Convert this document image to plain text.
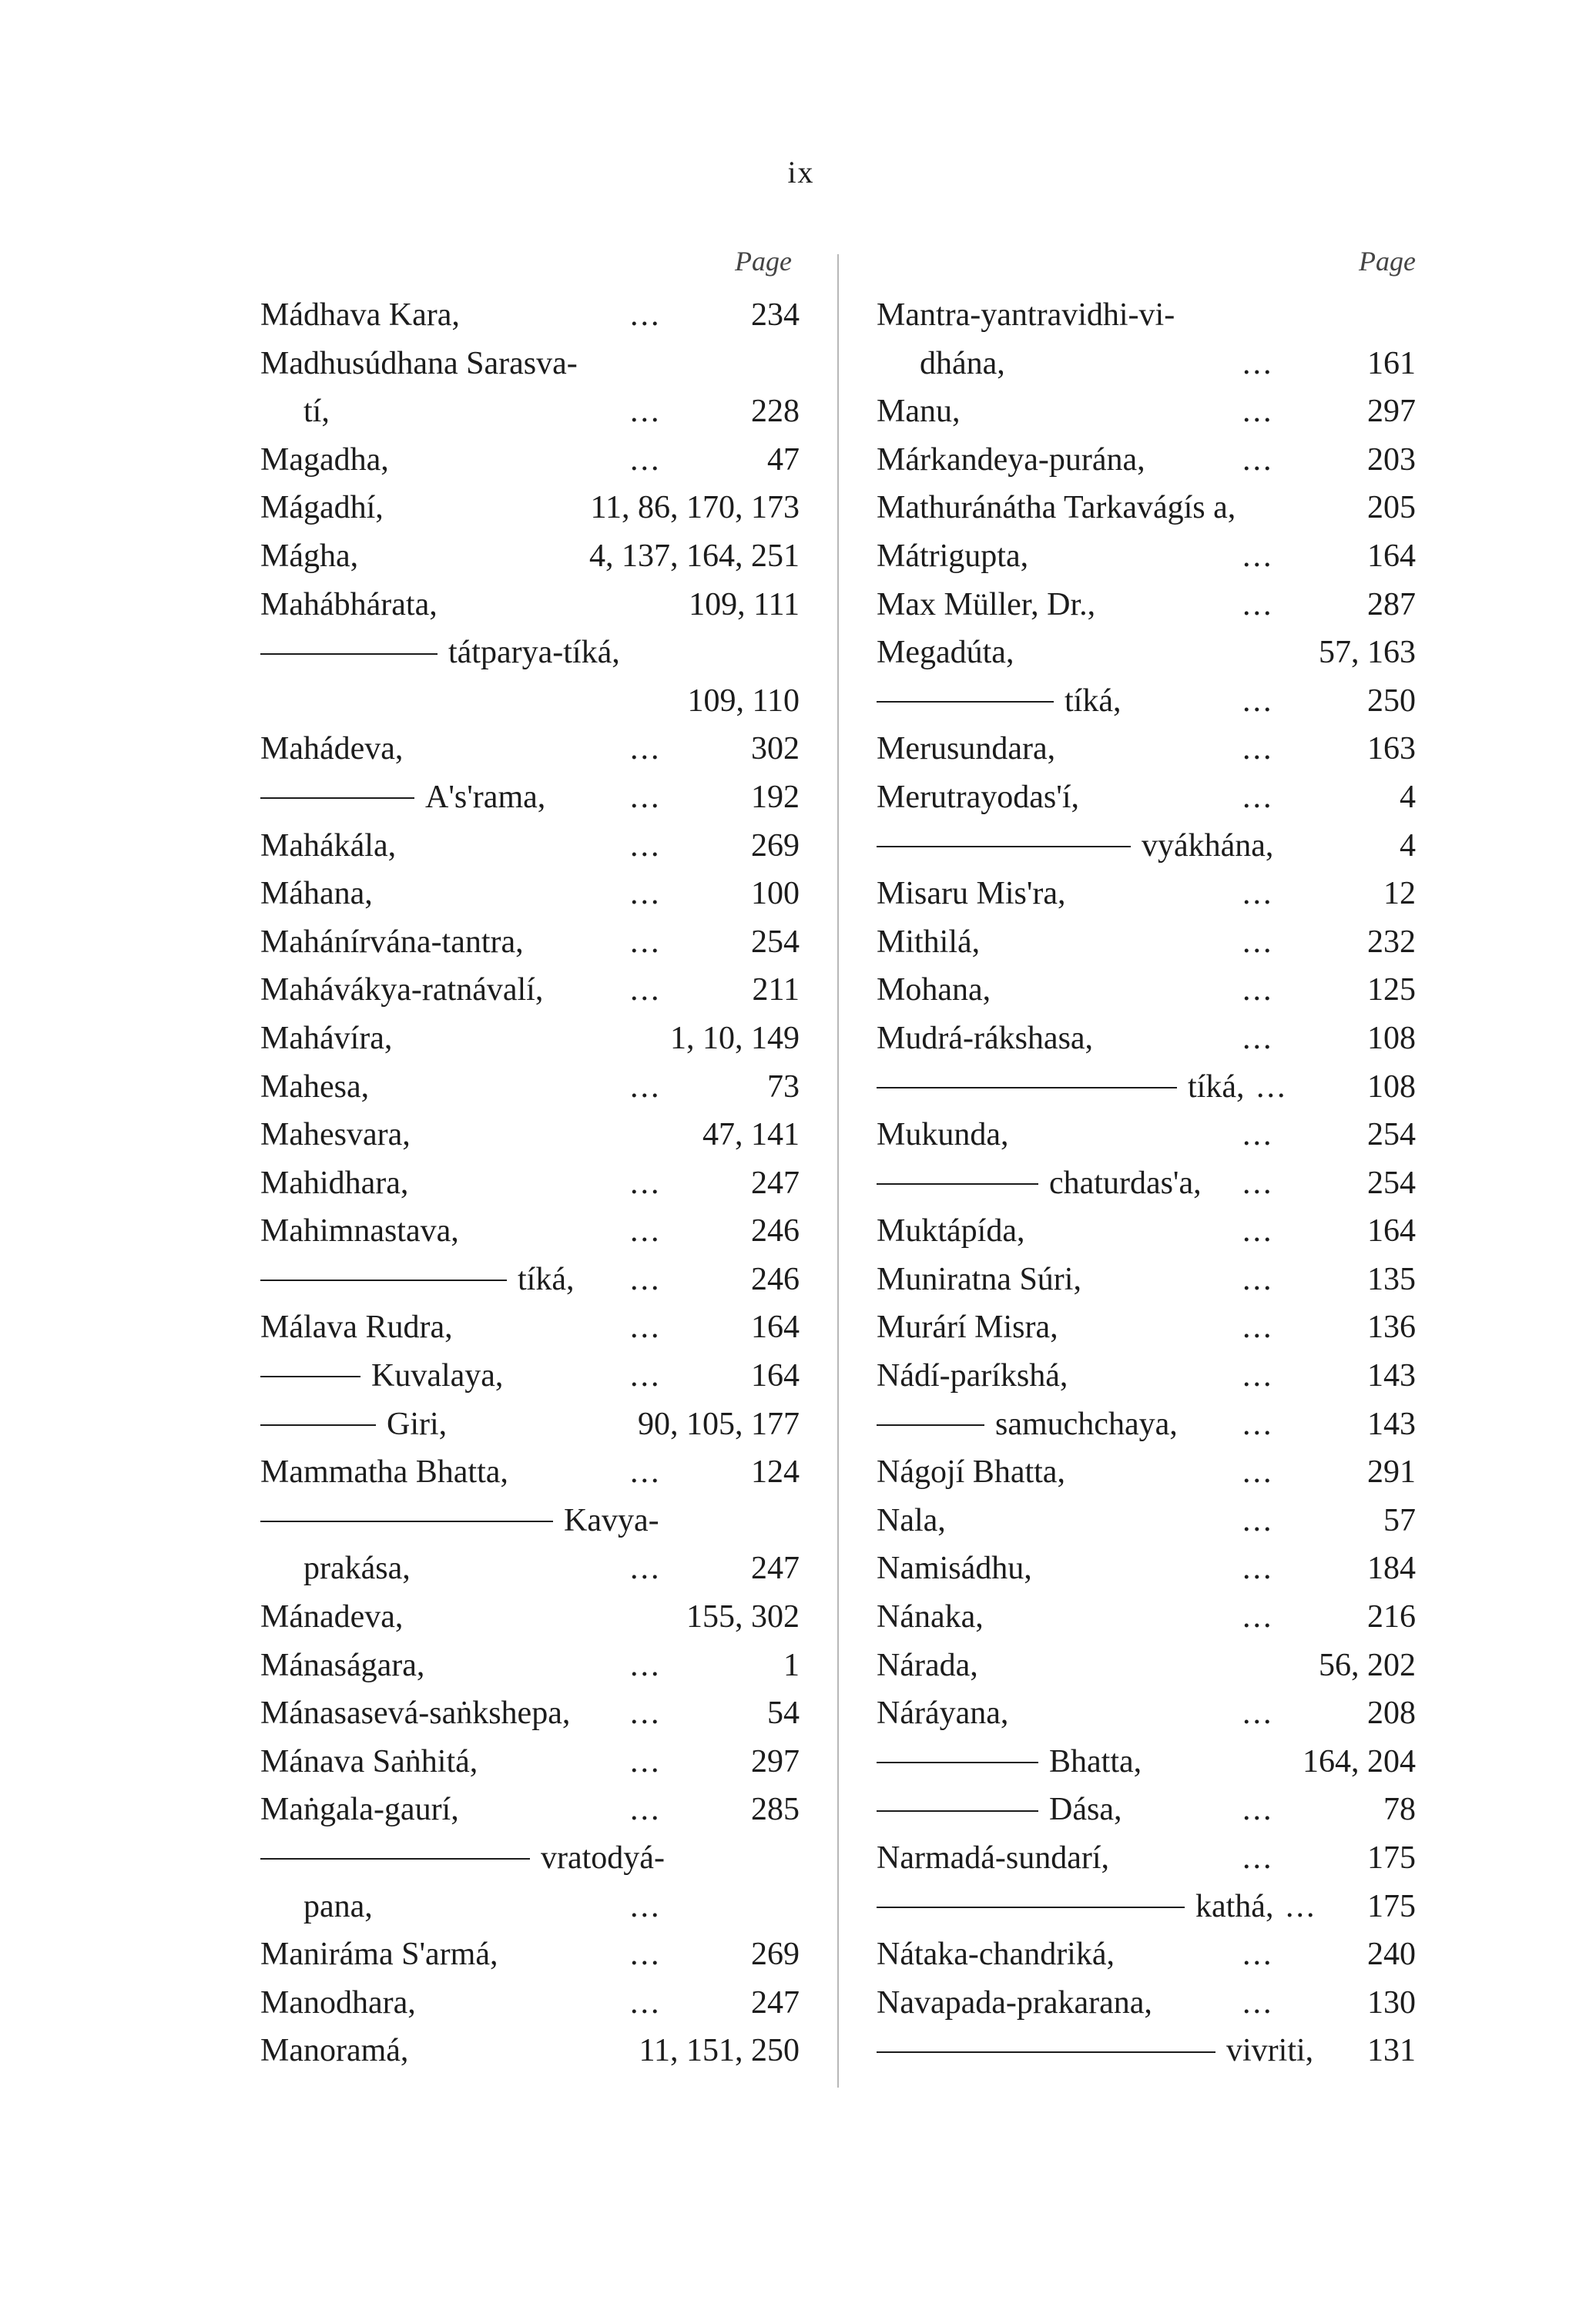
ix
Page
Mádhava Kara,	...	234
Madhusúdhana Sarasva-
tí,	...	228
Magadha,	...	47
Mágadhí,	11, 86, 170, 173
Mágha,	4, 137, 164, 251
Mahábhárata,	109, 111
tátparya-tíká,
109, 110
Mahádeva,	...	302
A's'rama,	...	192
Mahákála,	...	269
Máhana,	...	100
Mahánírvána-tantra,	...	254
Mahávákya-ratnávalí,	...	211
Mahávíra,	1, 10, 149
Mahesa,	...	73
Mahesvara,	47, 141
Mahidhara,	...	247
Mahimnastava,	...	246
tíká, ...	246
Málava Rudra,	...	164
Kuvalaya,	...	164
Giri,	90, 105, 177
Mammatha Bhatta,	...	124
Kavya-
prakása,	...	247
Mánadeva,	155, 302
Mánaságara,	...	1
Mánasasevá-saṅkshepa, ...	54
Mánava Saṅhitá,	...	297
Maṅgala-gaurí,	...	285
vratodyá-
pana,	...
Manirámа S'armá,	...	269
Manodhara,	...	247
Manoramá,	11, 151, 250
Page
Mantra-yantravidhi-vi-
dhána,	...	161
Manu,	...	297
Márkandeya-purána,	...	203
Mathuránátha Tarkavágís a,	205
Mátrigupta,	...	164
Max Müller, Dr.,	...	287
Megadúta,	57, 163
tíká,	...	250
Merusundara,	...	163
Merutrayodas'í,	...	4
vyákhána,	4
Misaru Mis'ra,	...	12
Mithilá,	...	232
Mohana,	...	125
Mudrá-rákshasa,	...	108
tíká, ... 108
Mukunda,	...	254
chaturdas'a, ...	254
Muktápída,	...	164
Muniratna Súri,	...	135
Murárí Misra,	...	136
Nádí-paríkshá,	...	143
samuchchaya, ...	143
Nágojí Bhatta,	...	291
Nala,	...	57
Namisádhu,	...	184
Nánaka,	...	216
Nárada,	56, 202
Náráyana,	...	208
Bhatta,	164, 204
Dása,	...	78
Narmadá-sundarí,	...	175
kathá, ... 175
Nátaka-chandriká,	...	240
Navapada-prakarana,	...	130
vivriti, 131
